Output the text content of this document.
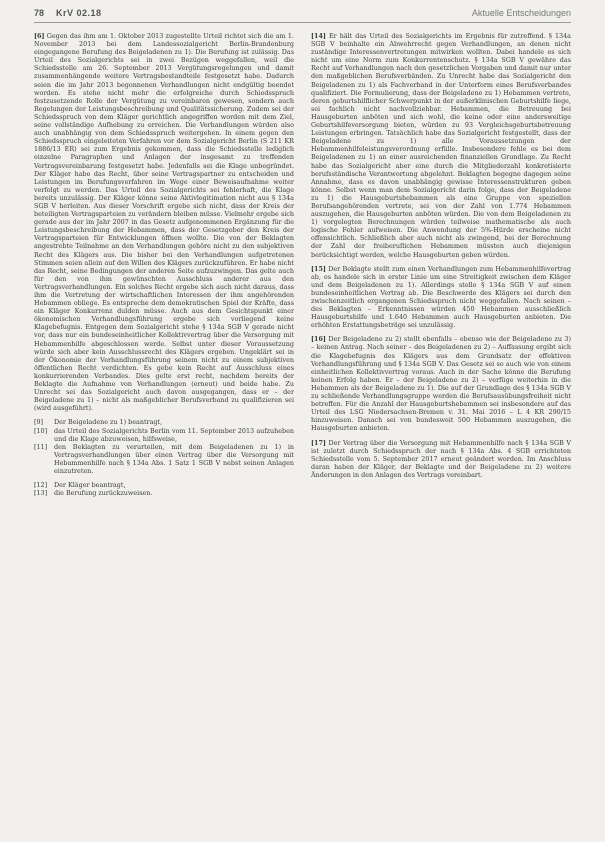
78 KrV 02.18	Aktuelle Entscheidungen

[6] Gegen das ihm am 1. Oktober 2013 zugestellte Urteil richtet sich die am 1. November 2013 bei dem Landessozialgericht Berlin-Brandenburg eingegangene Berufung des Beigeladenen zu 1). Die Berufung ist zulässig. Das Urteil des Sozialgerichts sei in zwei Bezügen weggefallen, weil die Schiedsstelle am 26. September 2013 Vergütungsregelungen und damit zusammenhängende weitere Vertragsbestandteile festgesetzt habe. Dadurch seien die im Jahr 2013 begonnenen Verhandlungen nicht endgültig beendet worden. Es stehe nicht mehr die erfolgreiche durch Schiedsspruch festzusetzende Rolle der Vergütung zu vereinbaren gewesen, sondern auch Regelungen der Leistungsbeschreibung und Qualitätssicherung. Zudem sei der Schiedsspruch von dem Kläger gerichtlich angegriffen worden mit dem Ziel, seine vollständige Aufhebung zu erreichen. Die Verhandlungen würden also auch unabhängig von dem Schiedsspruch weitergehen. In einem gegen den Schiedsspruch eingeleiteten Verfahren vor dem Sozialgericht Berlin (S 211 KR 1886/13 ER) sei zum Ergebnis gekommen, dass die Schiedsstelle lediglich einzelne Paragraphen und Anlagen der insgesamt zu treffenden Vertragsvereinbarung festgesetzt habe. Jedenfalls sei die Klage unbegründet. Der Kläger habe das Recht, über seine Vertragspartner zu entscheiden und Leistungen im Berufungsverfahren im Wege einer Beweisaufnahme weiter verfolgt zu werden. Das Urteil des Sozialgerichts sei fehlerhaft, die Klage bereits unzulässig. Der Kläger könne seine Aktivlegitimation nicht aus § 134a SGB V herleiten. Aus dieser Vorschrift ergebe sich nicht, dass der Kreis der beteiligten Vertragsparteien zu verändern bleiben müsse. Vielmehr ergebe sich gerade aus der im Jahr 2007 in das Gesetz aufgenommenen Ergänzung für die Leistungsbeschreibung der Hebammen, dass der Gesetzgeber den Kreis der Vertragsparteien für Entwicklungen öffnen wollte. Die von der Beklagten angestrebte Teilnahme an den Verhandlungen gehöre nicht zu den subjektiven Recht des Klägers aus. Die bisher bei den Verhandlungen aufgetretenen Stimmen seien allein auf den Willen des Klägers zurückzuführen. Er habe nicht das Recht, seine Bedingungen der anderen Seite aufzuzwingen. Das gelte auch für den von ihm gewünschten Ausschluss anderer aus den Vertragsverhandlungen. Ein solches Recht ergebe sich auch nicht daraus, dass ihm die Vertretung der wirtschaftlichen Interessen der ihm angehörenden Hebammen obliege. Es entspreche dem demokratischen Spiel der Kräfte, dass ein Kläger Konkurrenz dulden müsse. Auch aus dem Gesichtspunkt einer ökonomischen Verhandlungsführung ergebe sich vorliegend keine Klagebefugnis. Entgegen dem Sozialgericht stehe § 134a SGB V gerade nicht vor, dass nur ein bundeseinheitlicher Kollektivvertrag über die Versorgung mit Hebammenhilfe abgeschlossen werde. Selbst unter dieser Voraussetzung würde sich aber kein Ausschlussrecht des Klägers ergeben. Ungeklärt sei in der Ökonomie der Verhandlungsführung seinem nicht zu einem subjektiven öffentlichen Recht verdichten. Es gebe kein Recht auf Ausschluss eines konkurrierenden Verbandes. Dies gelte erst recht, nachdem bereits der Beklagte die Aufnahme von Verhandlungen (erneut) und beide habe. Zu Unrecht sei das Sozialgericht auch davon ausgegangen, dass er – der Beigeladene zu 1) – nicht als maßgeblicher Berufsverband zu qualifizieren sei (wird ausgeführt).

[9]	Der Beigeladene zu 1) beantragt,
[10]	das Urteil des Sozialgerichts Berlin vom 11. September 2013 aufzuheben und die Klage abzuweisen, hilfsweise,
[11]	den Beklagten zu verurteilen, mit dem Beigeladenen zu 1) in Vertragsverhandlungen über einen Vertrag über die Versorgung mit Hebammenhilfe nach § 134a Abs. 1 Satz 1 SGB V nebst seinen Anlagen einzutreten.
[12]	Der Kläger beantragt,
[13]	die Berufung zurückzuweisen.

[14] Er hält das Urteil des Sozialgerichts im Ergebnis für zutreffend. § 134a SGB V beinhalte ein Abwehrrecht gegen Verhandlungen, an denen nicht zuständige Interessenvertretungen mitwirken wollten. Dabei handele es sich nicht um eine Norm zum Konkurrentenschutz. § 134a SGB V gewähre das Recht auf Verhandlungen nach den gesetzlichen Vorgaben und damit nur unter den maßgeblichen Berufsverbänden. Zu Unrecht habe das Sozialgericht den Beigeladenen zu 1) als Fachverband in der Unterform eines Berufsverbandes qualifiziert. Die Formulierung, dass der Beigeladene zu 1) Hebammen vertrete, deren geburtshilflicher Schwerpunkt in der außerklinischen Geburtshilfe liege, sei fachlich nicht nachvollziehbar. Hebammen, die Betreuung bei Hausgeburten anböten und sich wohl, die keine oder eine andersweitige Geburtshilfeversorgung bieten, würden zu 93 Vergleichsgeburtsbetreuung Leistungen erbringen. Tatsächlich habe das Sozialgericht festgestellt, dass der Beigeladene zu 1) alle Voraussetzungen der Hebammenhilfeleistungsverordnung erfülle. Insbesondere fehle es bei dem Beigeladenen zu 1) an einer ausreichenden finanziellen Grundlage. Zu Recht habe das Sozialgericht aber eine durch die Mitgliederzahl konkretisierte berufsständische Verantwortung abgelehnt. Beklagten begegne dagegen seine Annahme, dass es davon unabhängig gewisse Interessenstrukturen geben könne. Selbst wenn man dem Sozialgericht darin folge, dass der Beigeladene zu 1) die Hausgeburtshebammen als eine Gruppe von speziellen Berufsangehörenden vertrete, sei von der Zahl von 1.774 Hebammen auszugehen, die Hausgeburten anböten würden. Die von dem Beigeladenen zu 1) vorgelegten Berechnungen würden teilweise mathematische als auch logische Fehler aufweisen. Die Anwendung der 5%-Hürde erscheine nicht offensichtlich. Schließlich aber auch nicht als zwingend, bei der Berechnung der Zahl der freiberuflichen Hebammen müssten auch diejenigen berücksichtigt werden, welche Hausgeburten geben würden.

[15] Der Beklagte stellt zum einen Verhandlungen zum Hebammenhilfevertrag ab, es handele sich in erster Linie um eine Streitigkeit zwischen dem Kläger und dem Beigeladenen zu 1). Allerdings stelle § 134a SGB V auf einen bundeseinheitlichen Vertrag ab. Die Beschwerde des Klägers sei durch den zwischenzeitlich ergangenen Schiedsspruch nicht weggefallen. Nach seinen – des Beklagten – Erkenntnissen würden 450 Hebammen ausschließlich Hausgeburtshilfe und 1.640 Hebammen auch Hausgeburten anbieten. Die erhöhten Erstattungsbeträge sei unzulässig.

[16] Der Beigeladene zu 2) stellt ebenfalls – ebenso wie der Beigeladene zu 3) – keinen Antrag. Nach seiner – des Beigeladenen zu 2) – Auffassung ergibt sich die Klagebefugnis des Klägers aus dem Grundsatz der effektiven Verhandlungsführung und § 134a SGB V. Das Gesetz sei so auch wie von einem einheitlichen Kollektivvertrag voraus. Auch in der Sache könne die Berufung keinen Erfolg haben. Er – der Beigeladene zu 2) – verfüge weiterhin in die Hebammen als der Beigeladene zu 1). Die auf der Grundlage des § 134a SGB V zu schließende Verhandlungsgruppe werden die Berufsausübungsfreiheit nicht betreffen. Für die Anzahl der Hausgeburtshebammen sei insbesondere auf das Urteil des LSG Niedersachsen-Bremen v. 31. Mai 2016 – L 4 KR 290/15 hinzuweisen. Danach sei von bundesweit 500 Hebammen auszugehen, die Hausgeburten anbieten.

[17] Der Vertrag über die Versorgung mit Hebammenhilfe nach § 134a SGB V ist zuletzt durch Schiedsspruch der nach § 134a Abs. 4 SGB errichteten Schiedsstelle vom 5. September 2017 erneut geändert worden. Im Anschluss daran haben der Kläger, der Beklagte und der Beigeladene zu 2) weitere Änderungen in den Anlagen des Vertrags vereinbart.
